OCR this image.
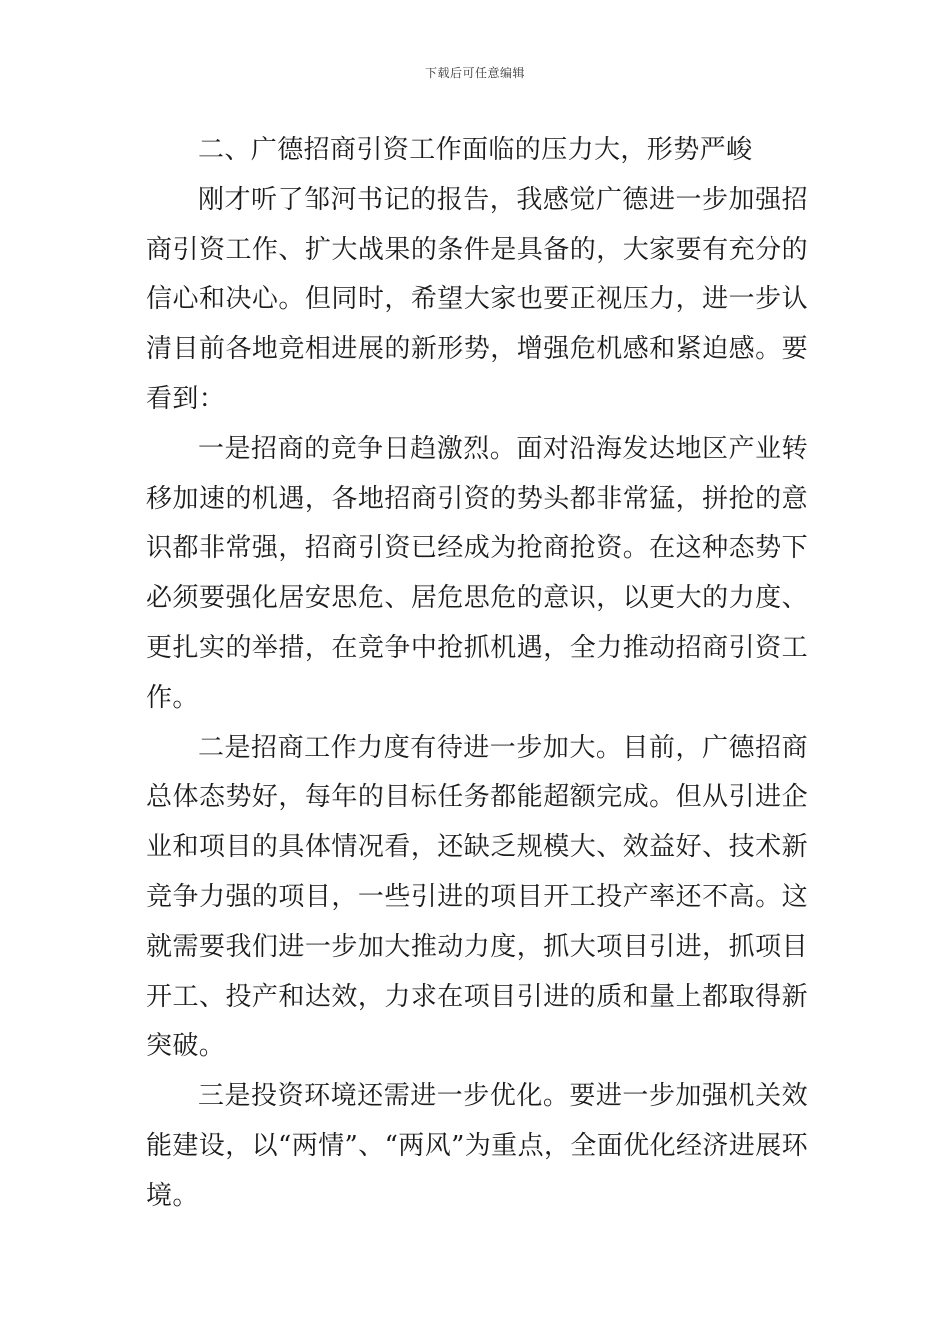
下载后可任意编辑

二、广德招商引资工作面临的压力大，形势严峻

刚才听了邹河书记的报告，我感觉广德进一步加强招商引资工作、扩大战果的条件是具备的，大家要有充分的信心和决心。但同时，希望大家也要正视压力，进一步认清目前各地竞相进展的新形势，增强危机感和紧迫感。要看到：

一是招商的竞争日趋激烈。面对沿海发达地区产业转移加速的机遇，各地招商引资的势头都非常猛，拼抢的意识都非常强，招商引资已经成为抢商抢资。在这种态势下必须要强化居安思危、居危思危的意识，以更大的力度、更扎实的举措，在竞争中抢抓机遇，全力推动招商引资工作。

二是招商工作力度有待进一步加大。目前，广德招商总体态势好，每年的目标任务都能超额完成。但从引进企业和项目的具体情况看，还缺乏规模大、效益好、技术新竞争力强的项目，一些引进的项目开工投产率还不高。这就需要我们进一步加大推动力度，抓大项目引进，抓项目开工、投产和达效，力求在项目引进的质和量上都取得新突破。

三是投资环境还需进一步优化。要进一步加强机关效能建设，以“两情”、“两风”为重点，全面优化经济进展环境。
